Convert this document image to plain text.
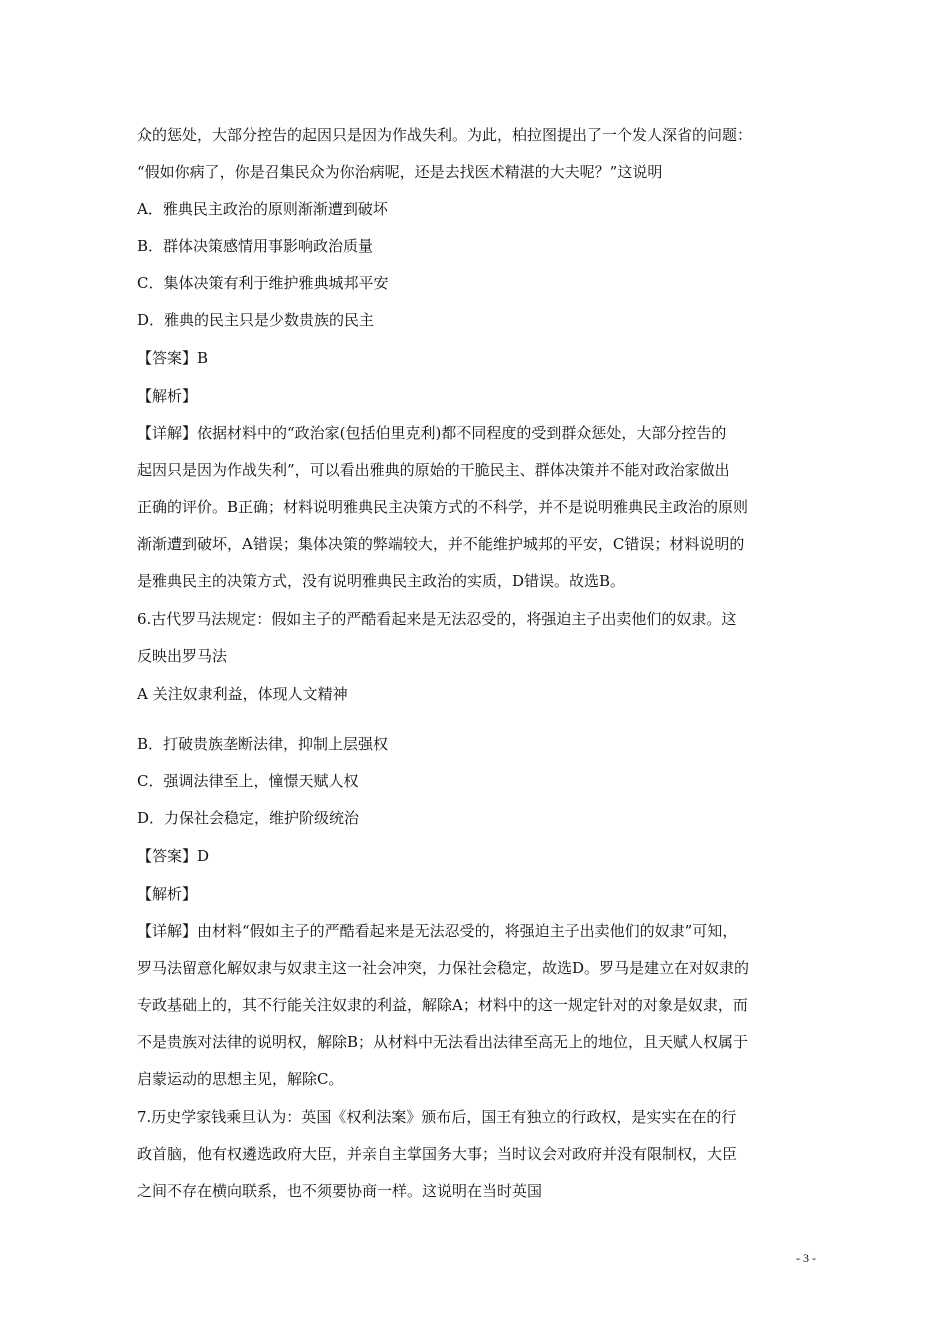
众的惩处，大部分控告的起因只是因为作战失利。为此，柏拉图提出了一个发人深省的问题：
“假如你病了，你是召集民众为你治病呢，还是去找医术精湛的大夫呢？”这说明
A．雅典民主政治的原则渐渐遭到破坏
B．群体决策感情用事影响政治质量
C．集体决策有利于维护雅典城邦平安
D．雅典的民主只是少数贵族的民主
【答案】B
【解析】
【详解】依据材料中的“政治家(包括伯里克利)都不同程度的受到群众惩处，大部分控告的
起因只是因为作战失利”，可以看出雅典的原始的干脆民主、群体决策并不能对政治家做出
正确的评价。B正确；材料说明雅典民主决策方式的不科学，并不是说明雅典民主政治的原则
渐渐遭到破坏，A错误；集体决策的弊端较大，并不能维护城邦的平安，C错误；材料说明的
是雅典民主的决策方式，没有说明雅典民主政治的实质，D错误。故选B。
6.古代罗马法规定：假如主子的严酷看起来是无法忍受的，将强迫主子出卖他们的奴隶。这
反映出罗马法
A 关注奴隶利益，体现人文精神
B．打破贵族垄断法律，抑制上层强权
C．强调法律至上，憧憬天赋人权
D．力保社会稳定，维护阶级统治
【答案】D
【解析】
【详解】由材料“假如主子的严酷看起来是无法忍受的，将强迫主子出卖他们的奴隶”可知，
罗马法留意化解奴隶与奴隶主这一社会冲突，力保社会稳定，故选D。罗马是建立在对奴隶的
专政基础上的，其不行能关注奴隶的利益，解除A；材料中的这一规定针对的对象是奴隶，而
不是贵族对法律的说明权，解除B；从材料中无法看出法律至高无上的地位，且天赋人权属于
启蒙运动的思想主见，解除C。
7.历史学家钱乘旦认为：英国《权利法案》颁布后，国王有独立的行政权，是实实在在的行
政首脑，他有权遴选政府大臣，并亲自主掌国务大事；当时议会对政府并没有限制权，大臣
之间不存在横向联系，也不须要协商一样。这说明在当时英国
- 3 -
